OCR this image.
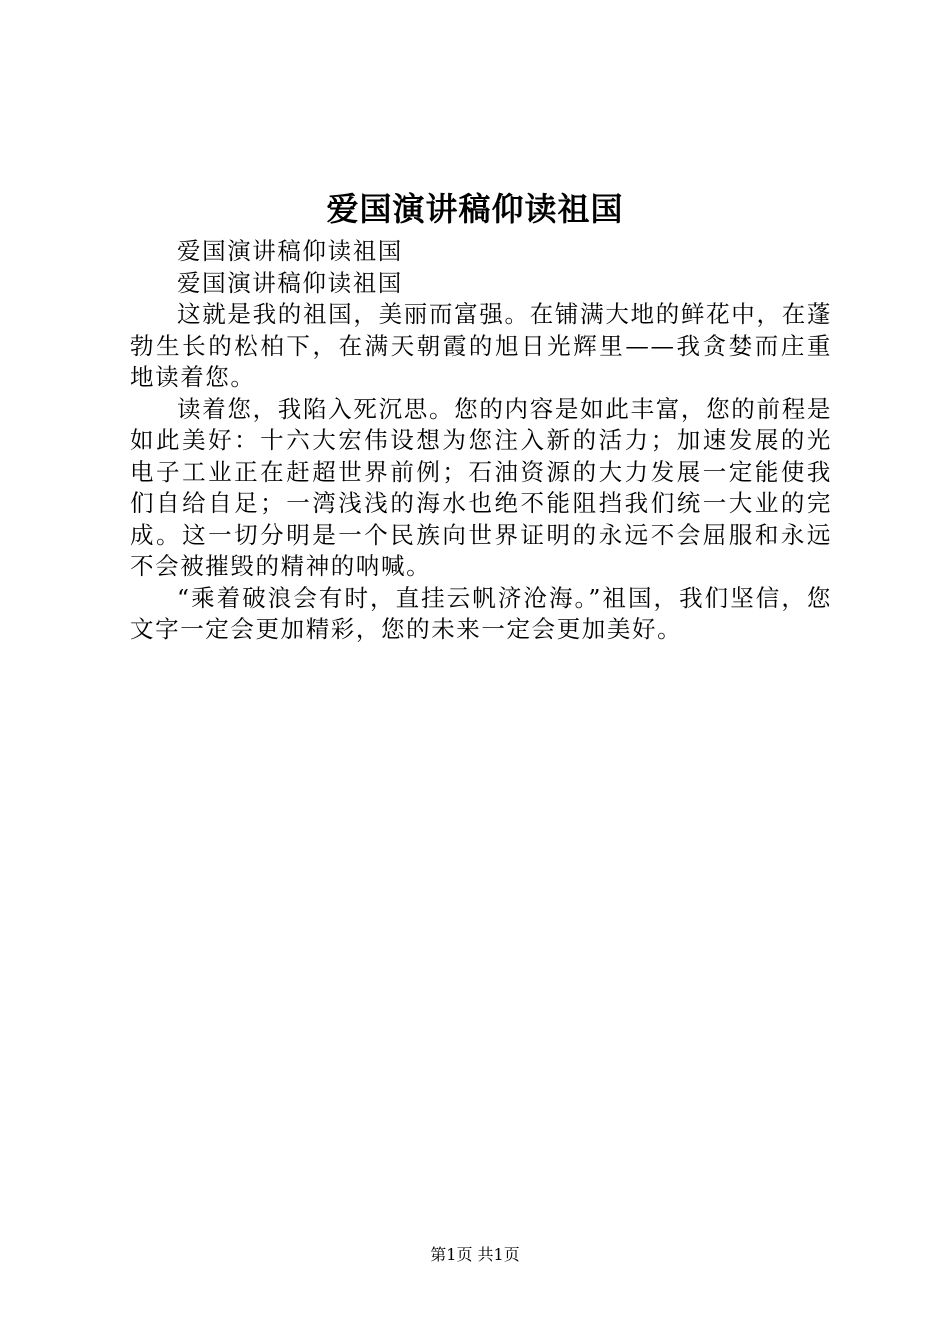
爱国演讲稿仰读祖国

爱国演讲稿仰读祖国

爱国演讲稿仰读祖国

这就是我的祖国，美丽而富强。在铺满大地的鲜花中，在蓬勃生长的松柏下，在满天朝霞的旭日光辉里——我贪婪而庄重地读着您。

读着您，我陷入死沉思。您的内容是如此丰富，您的前程是如此美好：十六大宏伟设想为您注入新的活力；加速发展的光电子工业正在赶超世界前例；石油资源的大力发展一定能使我们自给自足；一湾浅浅的海水也绝不能阻挡我们统一大业的完成。这一切分明是一个民族向世界证明的永远不会屈服和永远不会被摧毁的精神的呐喊。

“乘着破浪会有时，直挂云帆济沧海。”祖国，我们坚信，您文字一定会更加精彩，您的未来一定会更加美好。

第1页 共1页
